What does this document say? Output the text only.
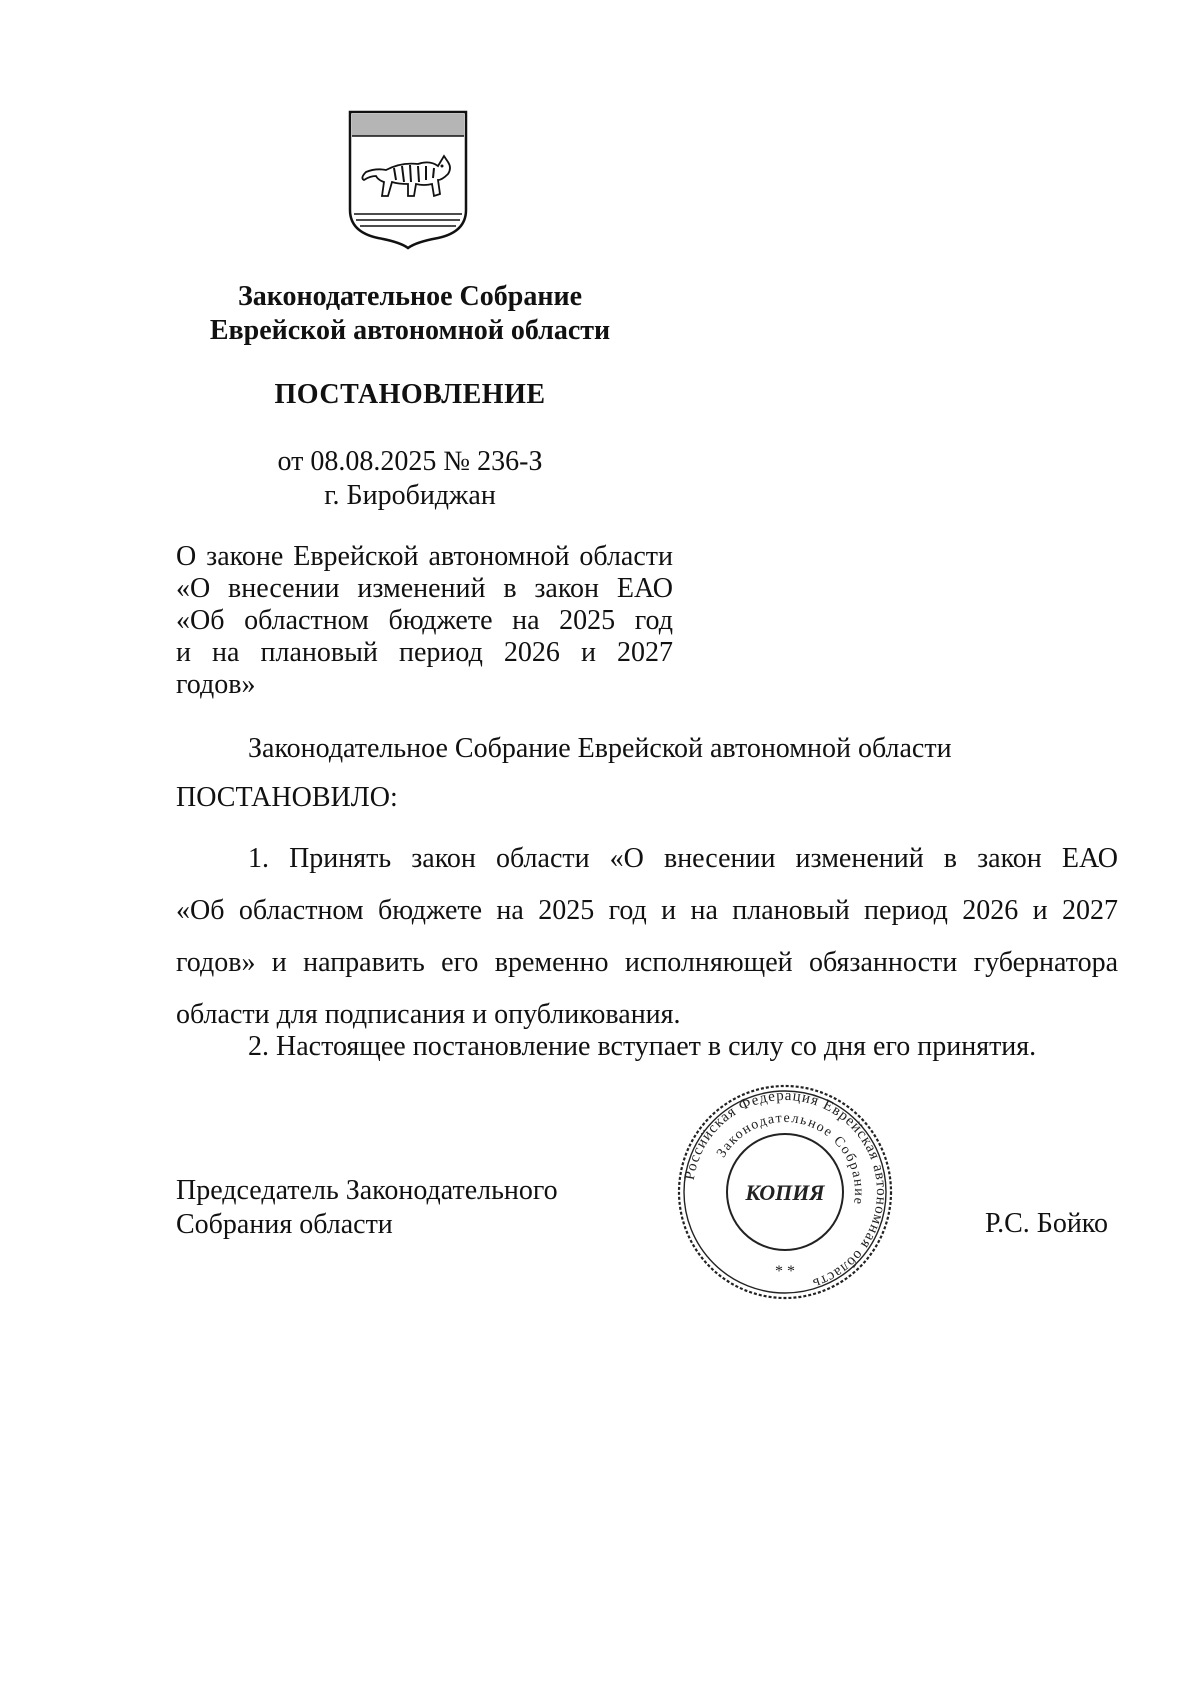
Законодательное Собрание
Еврейской автономной области
ПОСТАНОВЛЕНИЕ
от 08.08.2025 № 236-З
г. Биробиджан
О законе Еврейской автономной области
«О внесении изменений в закон ЕАО
«Об областном бюджете на 2025 год
и на плановый период 2026 и 2027
годов»
Законодательное Собрание Еврейской автономной области
ПОСТАНОВИЛО:
1. Принять закон области «О внесении изменений в закон ЕАО
«Об областном бюджете на 2025 год и на плановый период 2026 и 2027
годов» и направить его временно исполняющей обязанности губернатора
области для подписания и опубликования.
2. Настоящее постановление вступает в силу со дня его принятия.
Председатель Законодательного
Собрания области	Р.С. Бойко
Российская Федерация Еврейская автономная область
Законодательное Собрание
КОПИЯ
* *
